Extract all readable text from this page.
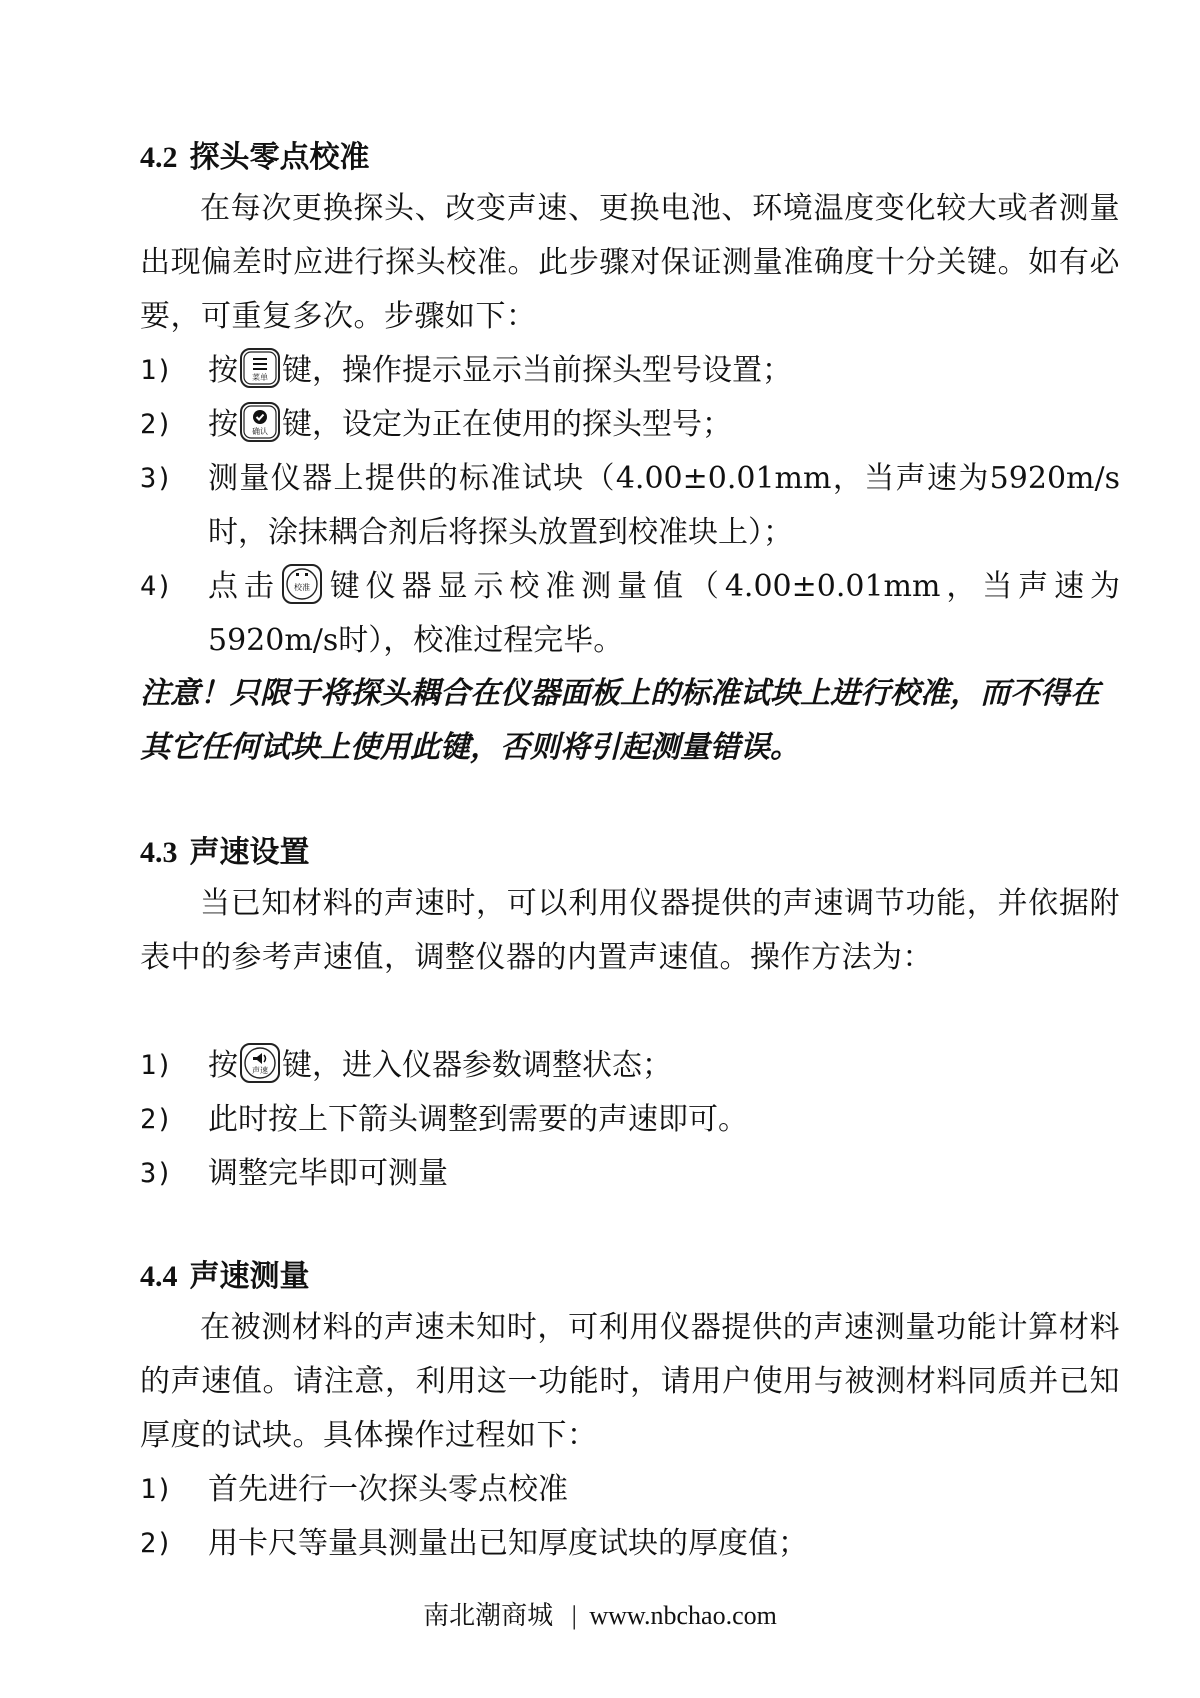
4.2 探头零点校准

在每次更换探头、改变声速、更换电池、环境温度变化较大或者测量出现偏差时应进行探头校准。此步骤对保证测量准确度十分关键。如有必要，可重复多次。步骤如下：

1) 按 菜单 键，操作提示显示当前探头型号设置；
2) 按 确认 键，设定为正在使用的探头型号；
3) 测量仪器上提供的标准试块（4.00±0.01mm，当声速为5920m/s时，涂抹耦合剂后将探头放置到校准块上）；
4) 点击 校准 键仪器显示校准测量值（4.00±0.01mm，当声速为5920m/s时），校准过程完毕。

注意！只限于将探头耦合在仪器面板上的标准试块上进行校准，而不得在其它任何试块上使用此键，否则将引起测量错误。

4.3 声速设置

当已知材料的声速时，可以利用仪器提供的声速调节功能，并依据附表中的参考声速值，调整仪器的内置声速值。操作方法为：

1) 按 声速 键，进入仪器参数调整状态；
2) 此时按上下箭头调整到需要的声速即可。
3) 调整完毕即可测量
4.4 声速测量

在被测材料的声速未知时，可利用仪器提供的声速测量功能计算材料的声速值。请注意，利用这一功能时，请用户使用与被测材料同质并已知厚度的试块。具体操作过程如下：

1) 首先进行一次探头零点校准
2) 用卡尺等量具测量出已知厚度试块的厚度值；
南北潮商城 | www.nbchao.com
